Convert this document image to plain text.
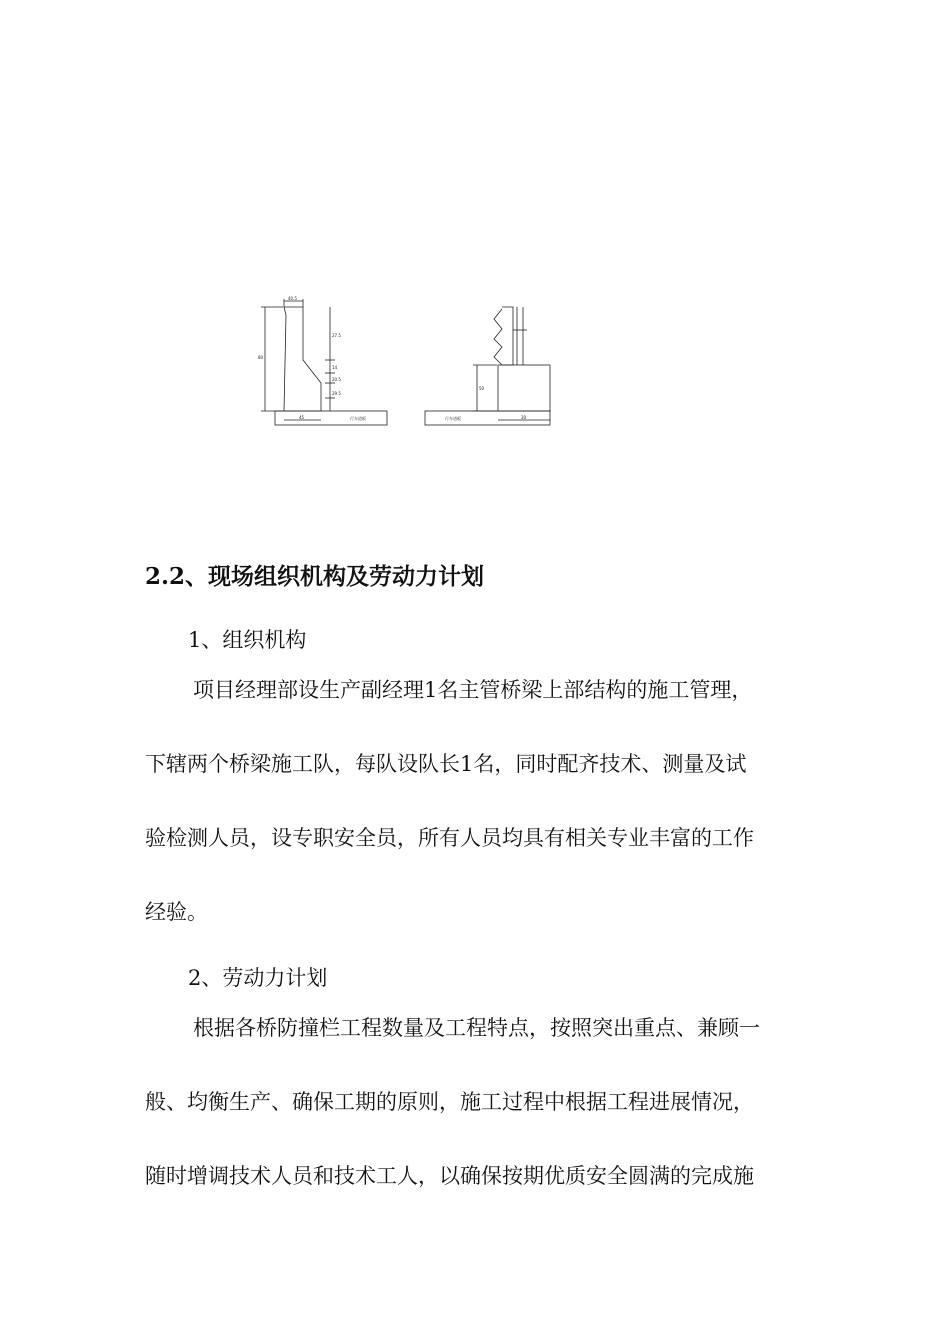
40.5
80
27.5
14
20.5
29.5
45	行车道板
50
30
行车道板
2.2、现场组织机构及劳动力计划

1、组织机构

项目经理部设生产副经理1名主管桥梁上部结构的施工管理，

下辖两个桥梁施工队，每队设队长1名，同时配齐技术、测量及试

验检测人员，设专职安全员，所有人员均具有相关专业丰富的工作

经验。

2、劳动力计划

根据各桥防撞栏工程数量及工程特点，按照突出重点、兼顾一

般、均衡生产、确保工期的原则，施工过程中根据工程进展情况，

随时增调技术人员和技术工人，以确保按期优质安全圆满的完成施
